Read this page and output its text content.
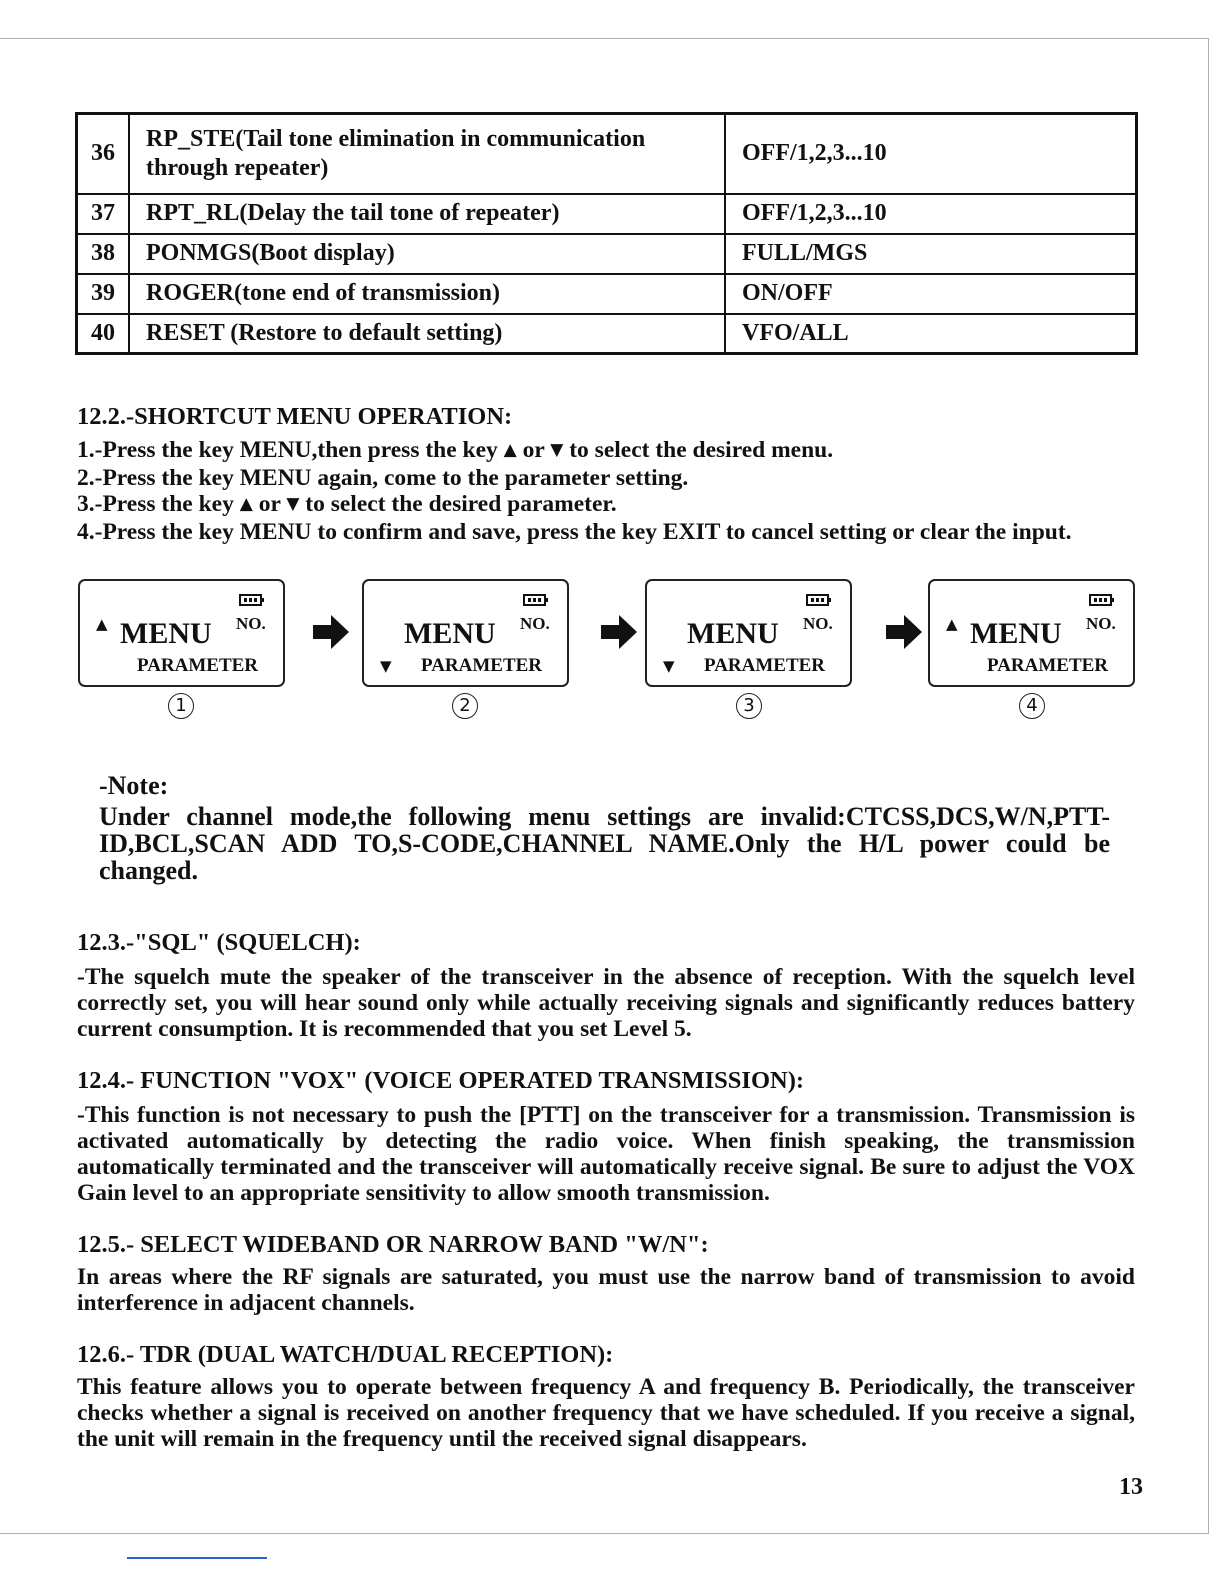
36	RP_STE(Tail tone elimination in communication through repeater)	OFF/1,2,3...10
37	RPT_RL(Delay the tail tone of repeater)	OFF/1,2,3...10
38	PONMGS(Boot display)	FULL/MGS
39	ROGER(tone end of transmission)	ON/OFF
40	RESET (Restore to default setting)	VFO/ALL
12.2.-SHORTCUT MENU OPERATION:
1.-Press the key MENU,then press the key ▲ or ▼ to select the desired menu.
2.-Press the key MENU again, come to the parameter setting.
3.-Press the key ▲ or ▼ to select the desired parameter.
4.-Press the key MENU to confirm and save, press the key EXIT to cancel setting or clear the input.
▲ MENU NO.
PARAMETER
MENU NO.
▼ PARAMETER
MENU NO.
▼ PARAMETER
▲ MENU NO.
PARAMETER
1	2	3	4
-Note:
Under channel mode,the following menu settings are invalid:CTCSS,DCS,W/N,PTT-ID,BCL,SCAN ADD TO,S-CODE,CHANNEL NAME.Only the H/L power could be changed.
12.3.-"SQL" (SQUELCH):
-The squelch mute the speaker of the transceiver in the absence of reception. With the squelch level correctly set, you will hear sound only while actually receiving signals and significantly reduces battery current consumption. It is recommended that you set Level 5.
12.4.- FUNCTION "VOX" (VOICE OPERATED TRANSMISSION):
-This function is not necessary to push the [PTT] on the transceiver for a transmission. Transmission is activated automatically by detecting the radio voice. When finish speaking, the transmission automatically terminated and the transceiver will automatically receive signal. Be sure to adjust the VOX Gain level to an appropriate sensitivity to allow smooth transmission.
12.5.- SELECT WIDEBAND OR NARROW BAND "W/N":
In areas where the RF signals are saturated, you must use the narrow band of transmission to avoid interference in adjacent channels.
12.6.- TDR (DUAL WATCH/DUAL RECEPTION):
This feature allows you to operate between frequency A and frequency B. Periodically, the transceiver checks whether a signal is received on another frequency that we have scheduled. If you receive a signal, the unit will remain in the frequency until the received signal disappears.
13
